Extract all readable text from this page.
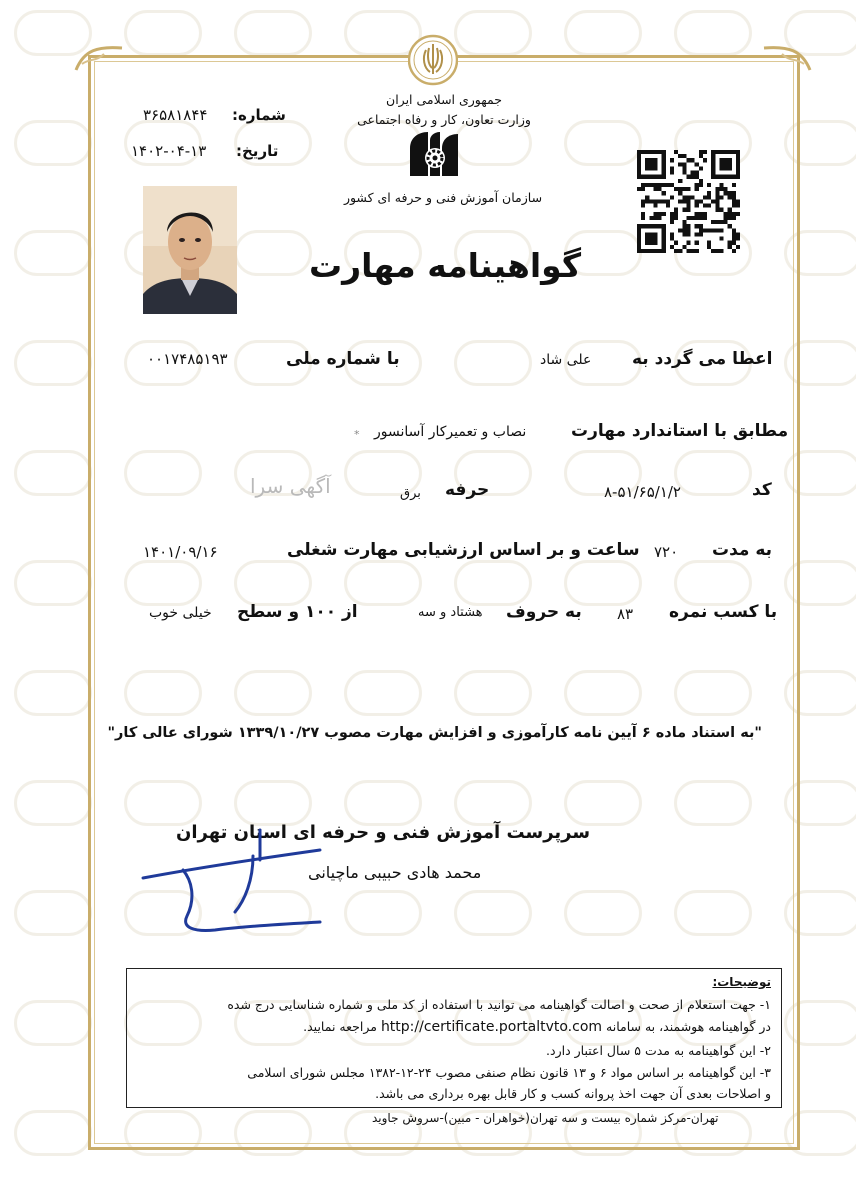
جمهوری اسلامی ایران
وزارت تعاون، کار و رفاه اجتماعی
سازمان آموزش فنی و حرفه ای کشور
شماره:
۳۶۵۸۱۸۴۴
تاریخ:
۱۴۰۲-۰۴-۱۳
گواهینامه مهارت
اعطا می گردد به
علی شاد
با شماره ملی
۰۰۱۷۴۸۵۱۹۳
مطابق با استاندارد مهارت
نصاب و تعمیرکار آسانسور
*
کد
۸-۵۱/۶۵/۱/۲
حرفه
برق
آگهی سرا
به مدت
۷۲۰
ساعت و بر اساس ارزشیابی مهارت شغلی
۱۴۰۱/۰۹/۱۶
با کسب نمره
۸۳
به حروف
هشتاد و سه
از ۱۰۰ و سطح
خیلی خوب
"به استناد ماده ۶ آیین نامه کارآموزی و افزایش مهارت مصوب ۱۳۳۹/۱۰/۲۷ شورای عالی کار"
سرپرست آموزش فنی و حرفه ای استان تهران
محمد هادی حبیبی ماچیانی
توضیحات:
۱- جهت استعلام از صحت و اصالت گواهینامه می توانید با استفاده از کد ملی و شماره شناسایی درج شده
در گواهینامه هوشمند، به سامانه http://certificate.portaltvto.com مراجعه نمایید.
۲- این گواهینامه به مدت ۵ سال اعتبار دارد.
۳- این گواهینامه بر اساس مواد ۶ و ۱۳ قانون نظام صنفی مصوب ۲۴-۱۲-۱۳۸۲ مجلس شورای اسلامی
و اصلاحات بعدی آن جهت اخذ پروانه کسب و کار قابل بهره برداری می باشد.
تهران-مرکز شماره بیست و سه تهران(خواهران - مبین)-سروش جاوید
